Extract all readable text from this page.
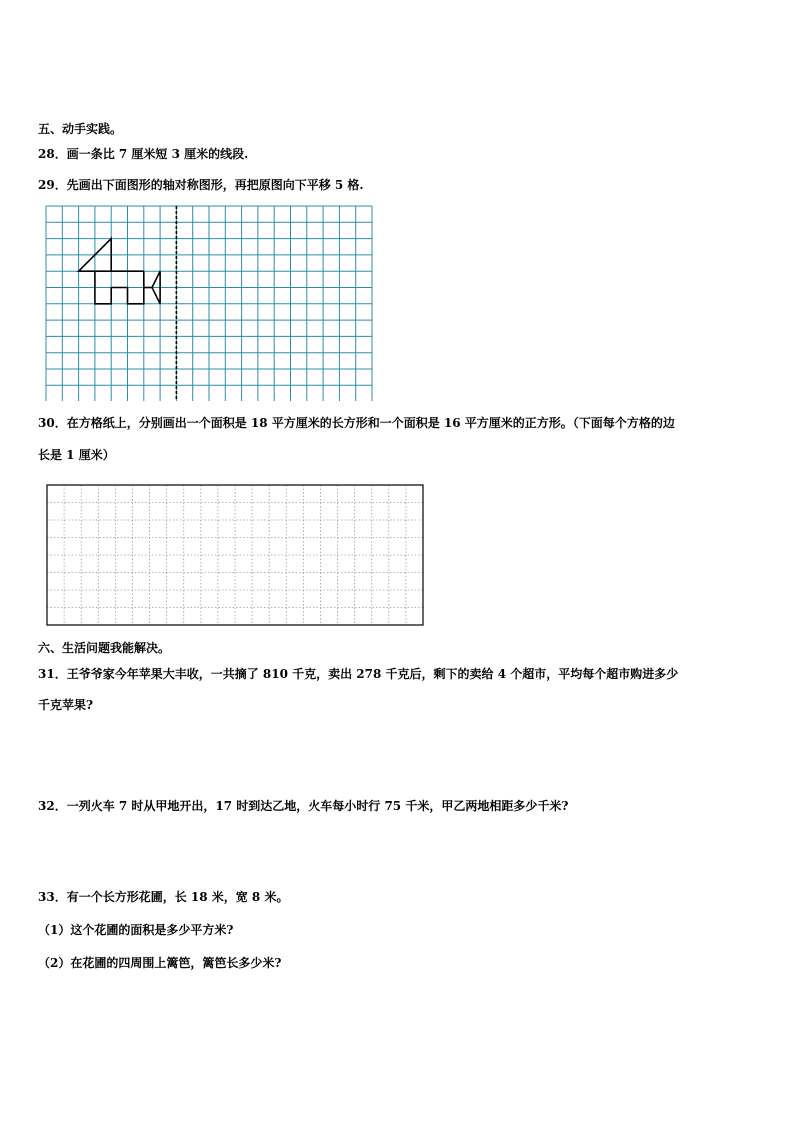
五、动手实践。
28．画一条比 7 厘米短 3 厘米的线段.
29．先画出下面图形的轴对称图形，再把原图向下平移 5 格.
30．在方格纸上，分别画出一个面积是 18 平方厘米的长方形和一个面积是 16 平方厘米的正方形。（下面每个方格的边
长是 1 厘米）
六、生活问题我能解决。
31．王爷爷家今年苹果大丰收，一共摘了 810 千克，卖出 278 千克后，剩下的卖给 4 个超市，平均每个超市购进多少
千克苹果?
32．一列火车 7 时从甲地开出，17 时到达乙地，火车每小时行 75 千米，甲乙两地相距多少千米?
33．有一个长方形花圃，长 18 米，宽 8 米。
（1）这个花圃的面积是多少平方米?
（2）在花圃的四周围上篱笆，篱笆长多少米?
